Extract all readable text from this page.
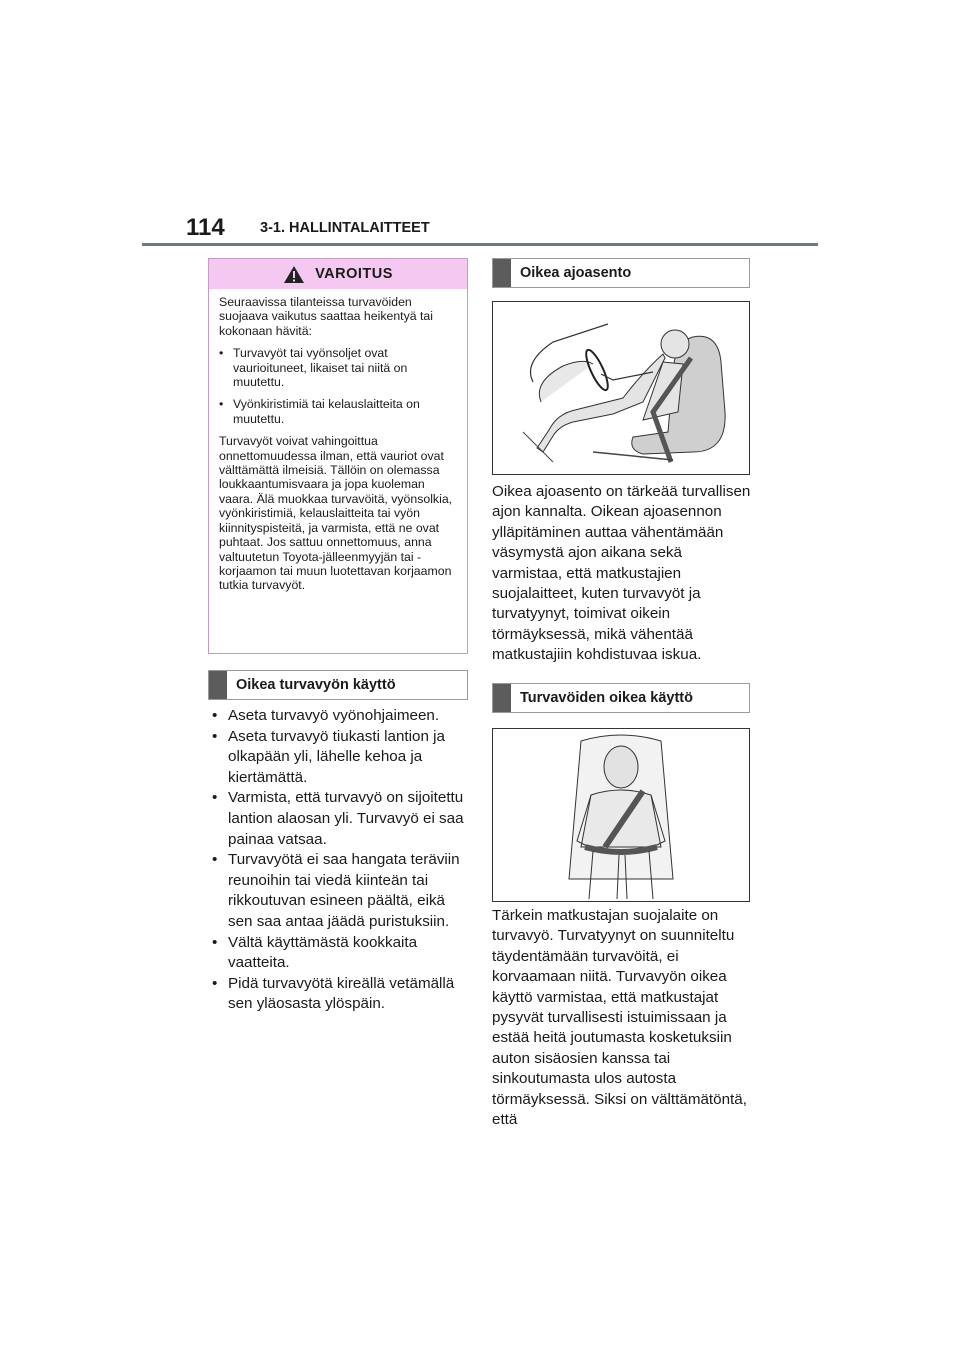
114 3-1. HALLINTALAITTEET
VAROITUS

Seuraavissa tilanteissa turvavöiden suojaava vaikutus saattaa heikentyä tai kokonaan hävitä:

• Turvavyöt tai vyönsoljet ovat vaurioituneet, likaiset tai niitä on muutettu.
• Vyönkiristimiä tai kelauslaitteita on muutettu.

Turvavyöt voivat vahingoittua onnettomuudessa ilman, että vauriot ovat välttämättä ilmeisiä. Tällöin on olemassa loukkaantumisvaara ja jopa kuoleman vaara. Älä muokkaa turvavöitä, vyönsolkia, vyönkiristimiä, kelauslaitteita tai vyön kiinnityspisteitä, ja varmista, että ne ovat puhtaat. Jos sattuu onnettomuus, anna valtuutetun Toyota-jälleenmyyjän tai -korjaamon tai muun luotettavan korjaamon tutkia turvavyöt.

Oikea turvavyön käyttö
• Aseta turvavyö vyönohjaimeen.
• Aseta turvavyö tiukasti lantion ja olkapään yli, lähelle kehoa ja kiertämättä.
• Varmista, että turvavyö on sijoitettu lantion alaosan yli. Turvavyö ei saa painaa vatsaa.
• Turvavyötä ei saa hangata teräviin reunoihin tai viedä kiinteän tai rikkoutuvan esineen päältä, eikä sen saa antaa jäädä puristuksiin.
• Vältä käyttämästä kookkaita vaatteita.
• Pidä turvavyötä kireällä vetämällä sen yläosasta ylöspäin.
Oikea ajoasento
Oikea ajoasento on tärkeää turvallisen ajon kannalta. Oikean ajoasennon ylläpitäminen auttaa vähentämään väsymystä ajon aikana sekä varmistaa, että matkustajien suojalaitteet, kuten turvavyöt ja turvatyynyt, toimivat oikein törmäyksessä, mikä vähentää matkustajiin kohdistuvaa iskua.
Turvavöiden oikea käyttö
Tärkein matkustajan suojalaite on turvavyö. Turvatyynyt on suunniteltu täydentämään turvavöitä, ei korvaamaan niitä. Turvavyön oikea käyttö varmistaa, että matkustajat pysyvät turvallisesti istuimissaan ja estää heitä joutumasta kosketuksiin auton sisäosien kanssa tai sinkoutumasta ulos autosta törmäyksessä. Siksi on välttämätöntä, että
